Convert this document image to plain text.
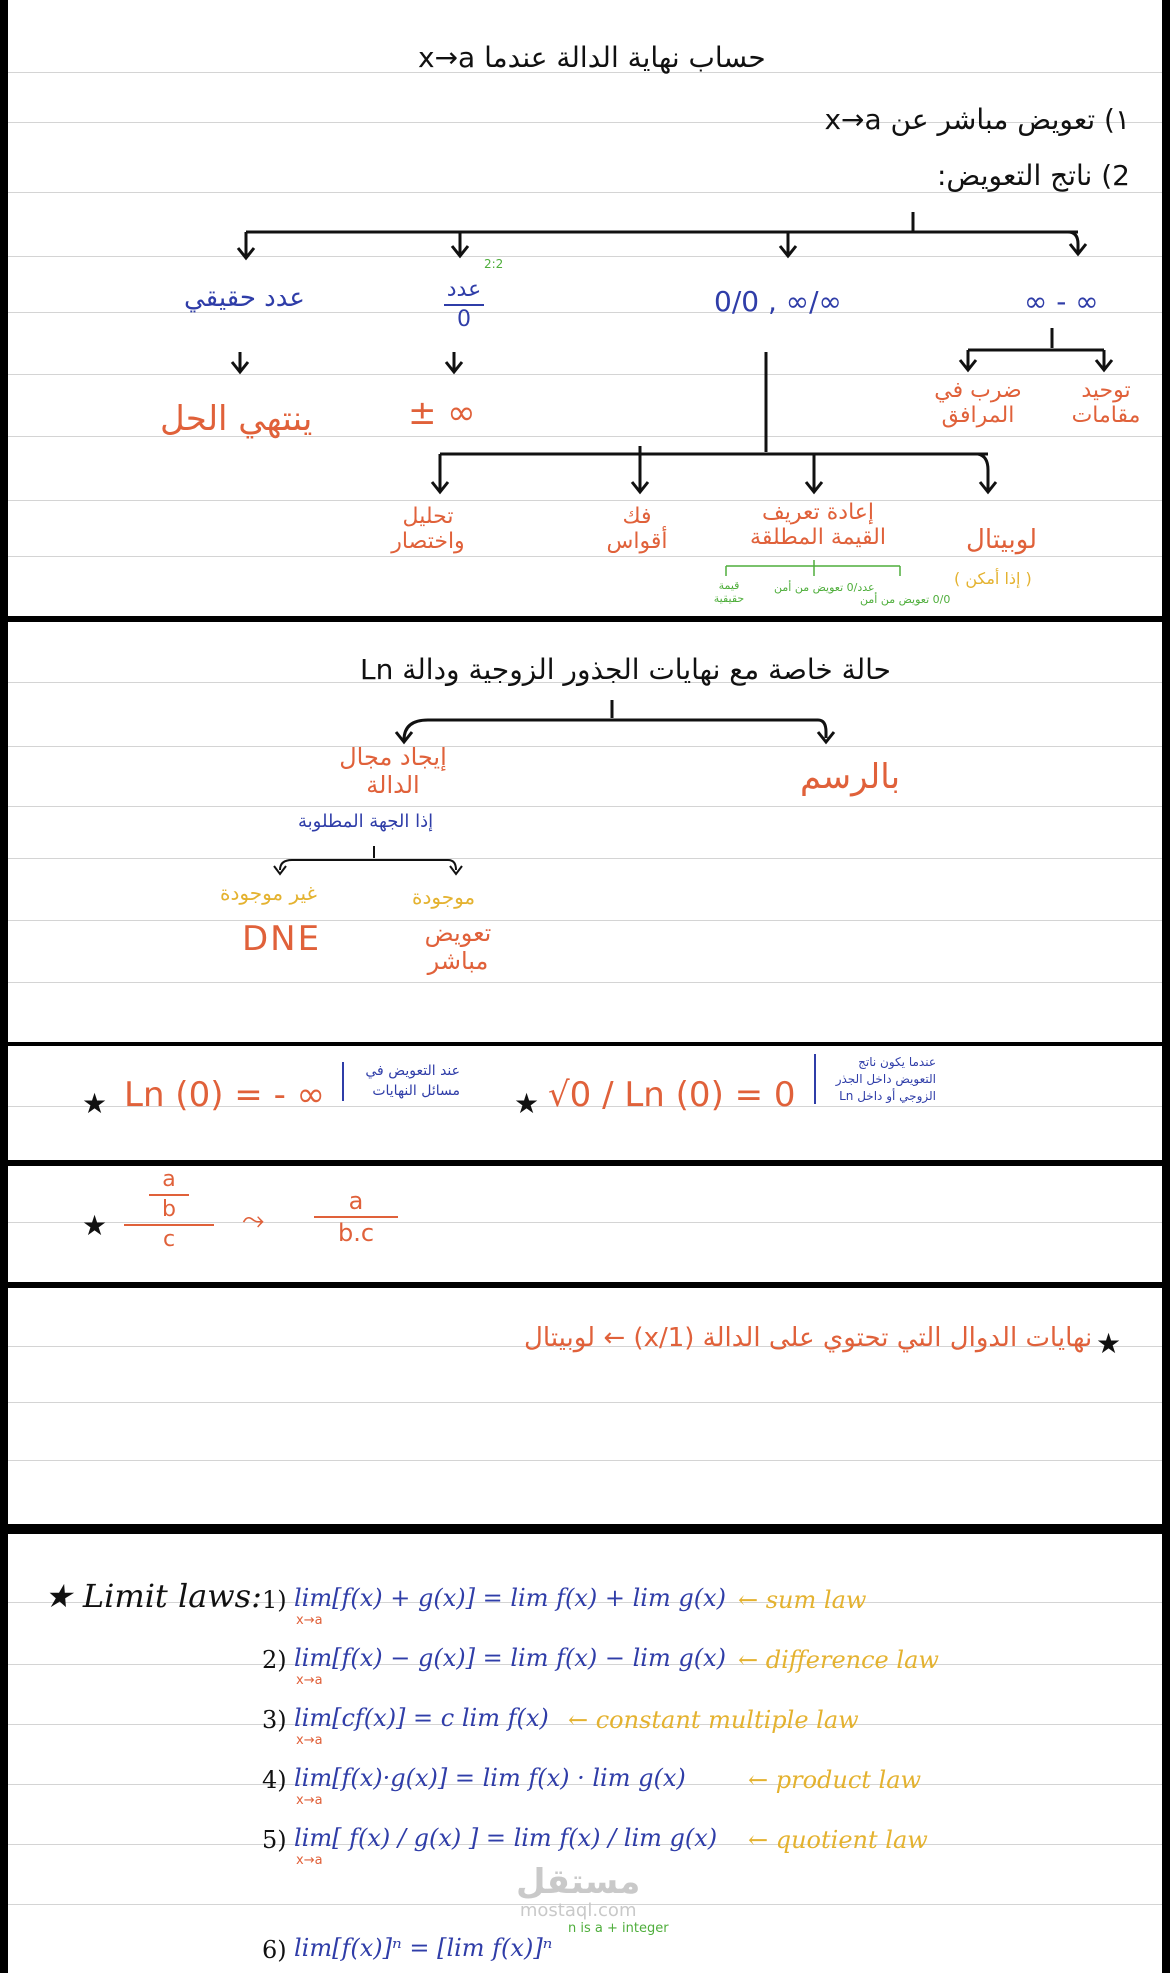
حساب نهاية الدالة عندما x→a
١) تعويض مباشر عن x→a
2) ناتج التعويض:
عدد حقيقي
2:2
عدد
0
0/0 , ∞/∞	∞ - ∞
ينتهي الحل	± ∞
ضرب في المرافق
توحيد مقامات
تحليل واختصار
فك أقواس
إعادة تعريف القيمة المطلقة	لوبيتال
( إذا أمكن )
قيمة حقيقية
عدد/0 تعويض من أمن
0/0 تعويض من أمن
حالة خاصة مع نهايات الجذور الزوجية ودالة Ln
إيجاد مجال الدالة	بالرسم
إذا الجهة المطلوبة
غير موجودة	موجودة
DNE	تعويض مباشر
★ Ln (0) = - ∞
عند التعويض في مسائل النهايات ★ √0 / Ln (0) = 0
عندما يكون ناتج التعويض داخل الجذر الزوجي أو داخل Ln
★
a
b
c
⤳
a
b.c
★
نهايات الدوال التي تحتوي على الدالة (1/x) ← لوبيتال
★ Limit laws: 1) lim[f(x) + g(x)] = lim f(x) + lim g(x)
x→a
← sum law
2) lim[f(x) − g(x)] = lim f(x) − lim g(x)
x→a
← difference law
3) lim[cf(x)] = c lim f(x)
x→a
← constant multiple law
4) lim[f(x)·g(x)] = lim f(x) · lim g(x)
x→a
← product law
5) lim[ f(x) / g(x) ] = lim f(x) / lim g(x)
x→a
← quotient law
6) lim[f(x)]ⁿ = [lim f(x)]ⁿ
n is a + integer
مستقل
mostaql.com
